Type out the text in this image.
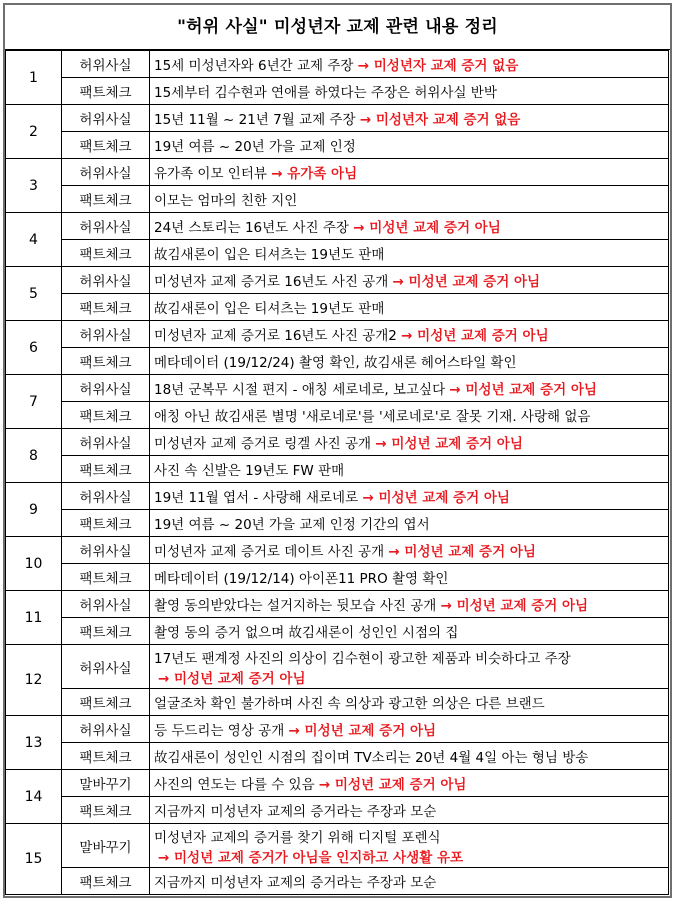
"허위 사실" 미성년자 교제 관련 내용 정리
1	허위사실	15세 미성년자와 6년간 교제 주장 → 미성년자 교제 증거 없음
	팩트체크	15세부터 김수현과 연애를 하였다는 주장은 허위사실 반박
2	허위사실	15년 11월 ~ 21년 7월 교제 주장 → 미성년자 교제 증거 없음
	팩트체크	19년 여름 ~ 20년 가을 교제 인정
3	허위사실	유가족 이모 인터뷰 → 유가족 아님
	팩트체크	이모는 엄마의 친한 지인
4	허위사실	24년 스토리는 16년도 사진 주장 → 미성년 교제 증거 아님
	팩트체크	故김새론이 입은 티셔츠는 19년도 판매
5	허위사실	미성년자 교제 증거로 16년도 사진 공개 → 미성년 교제 증거 아님
	팩트체크	故김새론이 입은 티셔츠는 19년도 판매
6	허위사실	미성년자 교제 증거로 16년도 사진 공개2 → 미성년 교제 증거 아님
	팩트체크	메타데이터 (19/12/24) 촬영 확인, 故김새론 헤어스타일 확인
7	허위사실	18년 군복무 시절 편지 - 애칭 세로네로, 보고싶다 → 미성년 교제 증거 아님
	팩트체크	애칭 아닌 故김새론 별명 '새로네로'를 '세로네로'로 잘못 기재. 사랑해 없음
8	허위사실	미성년자 교제 증거로 링겔 사진 공개 → 미성년 교제 증거 아님
	팩트체크	사진 속 신발은 19년도 FW 판매
9	허위사실	19년 11월 엽서 - 사랑해 새로네로 → 미성년 교제 증거 아님
	팩트체크	19년 여름 ~ 20년 가을 교제 인정 기간의 엽서
10	허위사실	미성년자 교제 증거로 데이트 사진 공개 → 미성년 교제 증거 아님
	팩트체크	메타데이터 (19/12/14) 아이폰11 PRO 촬영 확인
11	허위사실	촬영 동의받았다는 설거지하는 뒷모습 사진 공개 → 미성년 교제 증거 아님
	팩트체크	촬영 동의 증거 없으며 故김새론이 성인인 시점의 집
12	허위사실	17년도 팬계정 사진의 의상이 김수현이 광고한 제품과 비슷하다고 주장
→ 미성년 교제 증거 아님

	팩트체크	얼굴조차 확인 불가하며 사진 속 의상과 광고한 의상은 다른 브랜드
13	허위사실	등 두드리는 영상 공개 → 미성년 교제 증거 아님
	팩트체크	故김새론이 성인인 시점의 집이며 TV소리는 20년 4월 4일 아는 형님 방송
14	말바꾸기	사진의 연도는 다를 수 있음 → 미성년 교제 증거 아님
	팩트체크	지금까지 미성년자 교제의 증거라는 주장과 모순
15	말바꾸기	미성년자 교제의 증거를 찾기 위해 디지털 포렌식
→ 미성년 교제 증거가 아님을 인지하고 사생활 유포

	팩트체크	지금까지 미성년자 교제의 증거라는 주장과 모순
